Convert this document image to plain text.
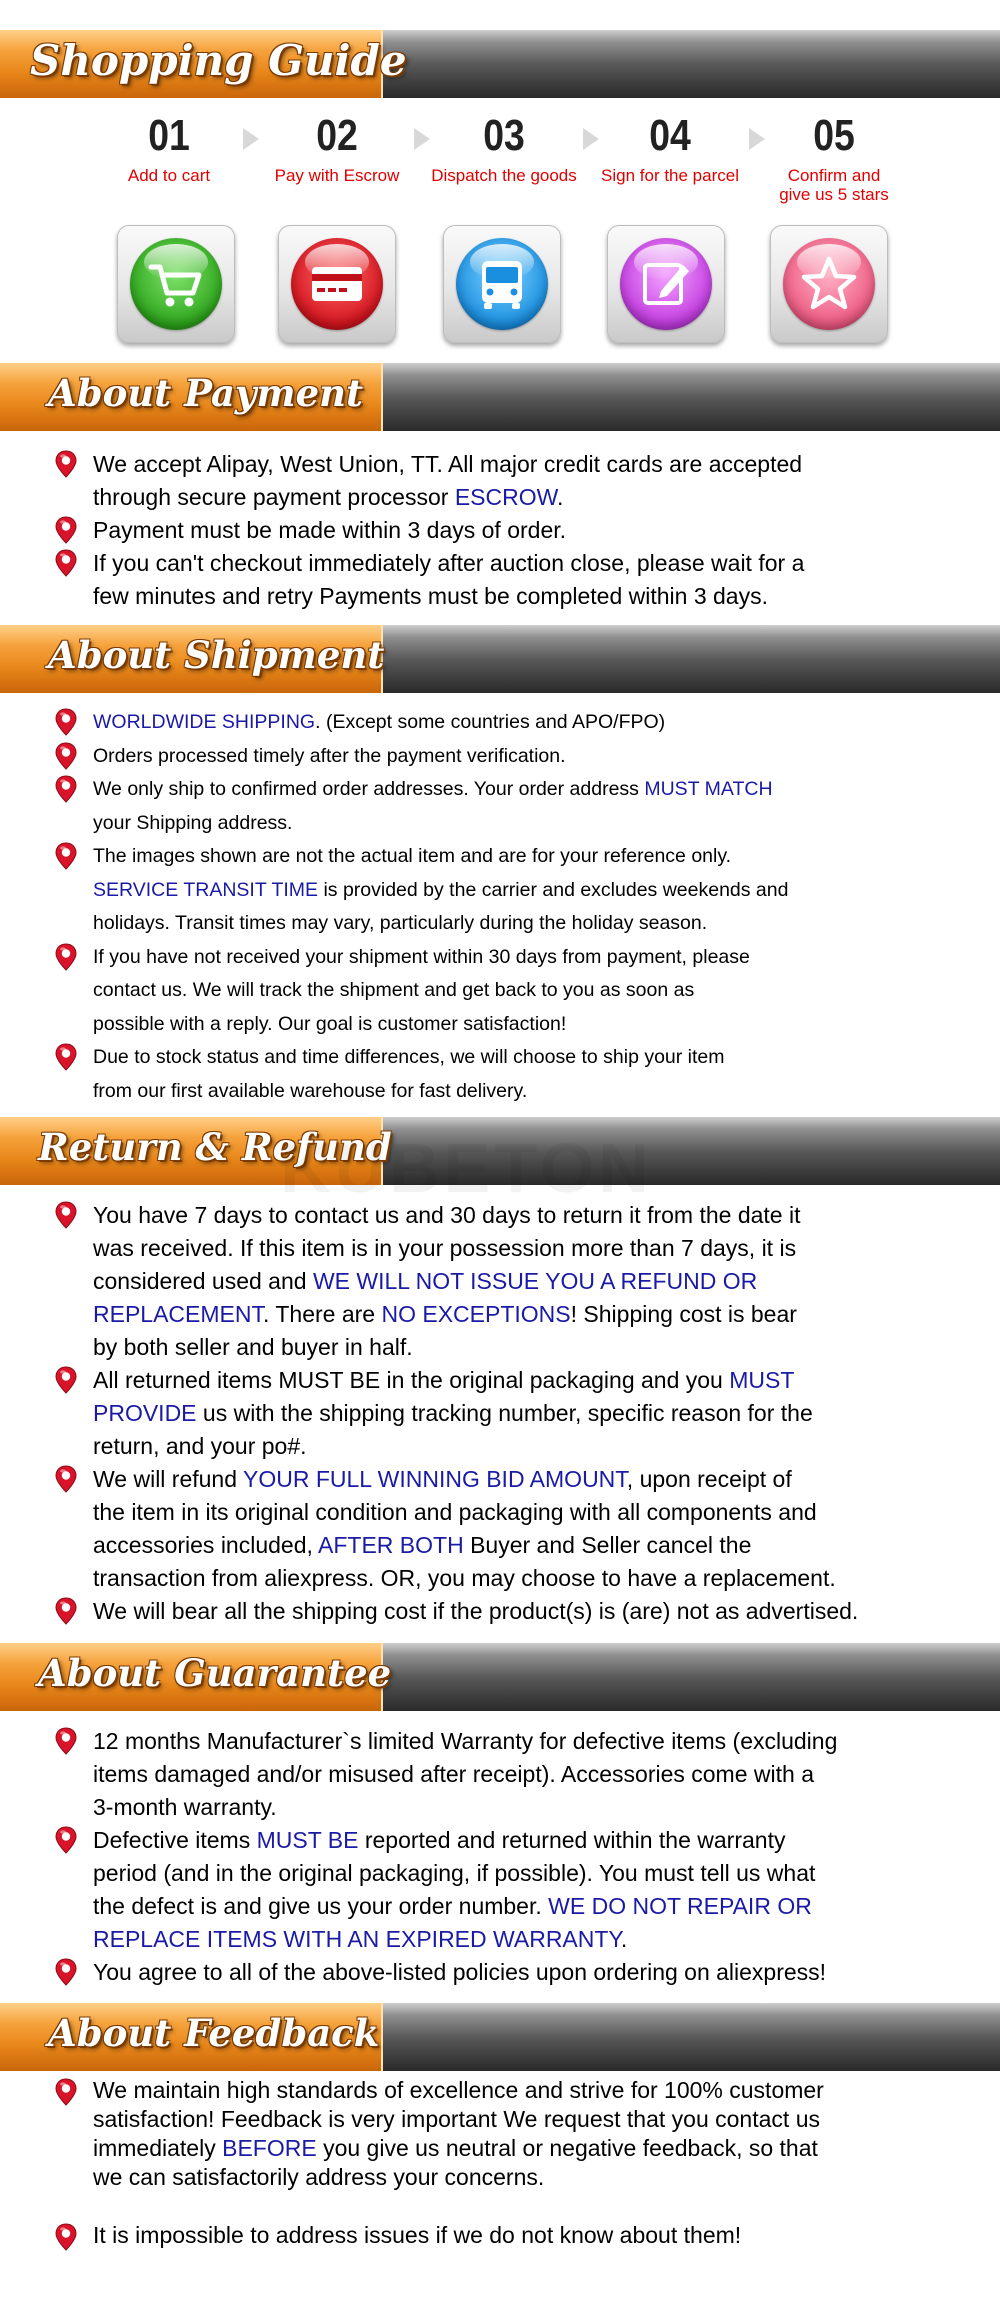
Shopping Guide
01
Add to cart
02
Pay with Escrow
03
Dispatch the goods
04
Sign for the parcel
05
Confirm and
give us 5 stars
About Payment
We accept Alipay, West Union, TT. All major credit cards are accepted
through secure payment processor ESCROW.
Payment must be made within 3 days of order.
If you can't checkout immediately after auction close, please wait for a
few minutes and retry Payments must be completed within 3 days.
About Shipment
WORLDWIDE SHIPPING. (Except some countries and APO/FPO)
Orders processed timely after the payment verification.
We only ship to confirmed order addresses. Your order address MUST MATCH
your Shipping address.
The images shown are not the actual item and are for your reference only.
SERVICE TRANSIT TIME is provided by the carrier and excludes weekends and
holidays. Transit times may vary, particularly during the holiday season.
If you have not received your shipment within 30 days from payment, please
contact us. We will track the shipment and get back to you as soon as
possible with a reply. Our goal is customer satisfaction!
Due to stock status and time differences, we will choose to ship your item
from our first available warehouse for fast delivery.
Return & Refund
KUBETON
You have 7 days to contact us and 30 days to return it from the date it
was received. If this item is in your possession more than 7 days, it is
considered used and WE WILL NOT ISSUE YOU A REFUND OR
REPLACEMENT. There are NO EXCEPTIONS! Shipping cost is bear
by both seller and buyer in half.
All returned items MUST BE in the original packaging and you MUST
PROVIDE us with the shipping tracking number, specific reason for the
return, and your po#.
We will refund YOUR FULL WINNING BID AMOUNT, upon receipt of
the item in its original condition and packaging with all components and
accessories included, AFTER BOTH Buyer and Seller cancel the
transaction from aliexpress. OR, you may choose to have a replacement.
We will bear all the shipping cost if the product(s) is (are) not as advertised.
About Guarantee
12 months Manufacturer`s limited Warranty for defective items (excluding
items damaged and/or misused after receipt). Accessories come with a
3-month warranty.
Defective items MUST BE reported and returned within the warranty
period (and in the original packaging, if possible). You must tell us what
the defect is and give us your order number. WE DO NOT REPAIR OR
REPLACE ITEMS WITH AN EXPIRED WARRANTY.
You agree to all of the above-listed policies upon ordering on aliexpress!
About Feedback
We maintain high standards of excellence and strive for 100% customer
satisfaction! Feedback is very important We request that you contact us
immediately BEFORE you give us neutral or negative feedback, so that
we can satisfactorily address your concerns.
It is impossible to address issues if we do not know about them!
